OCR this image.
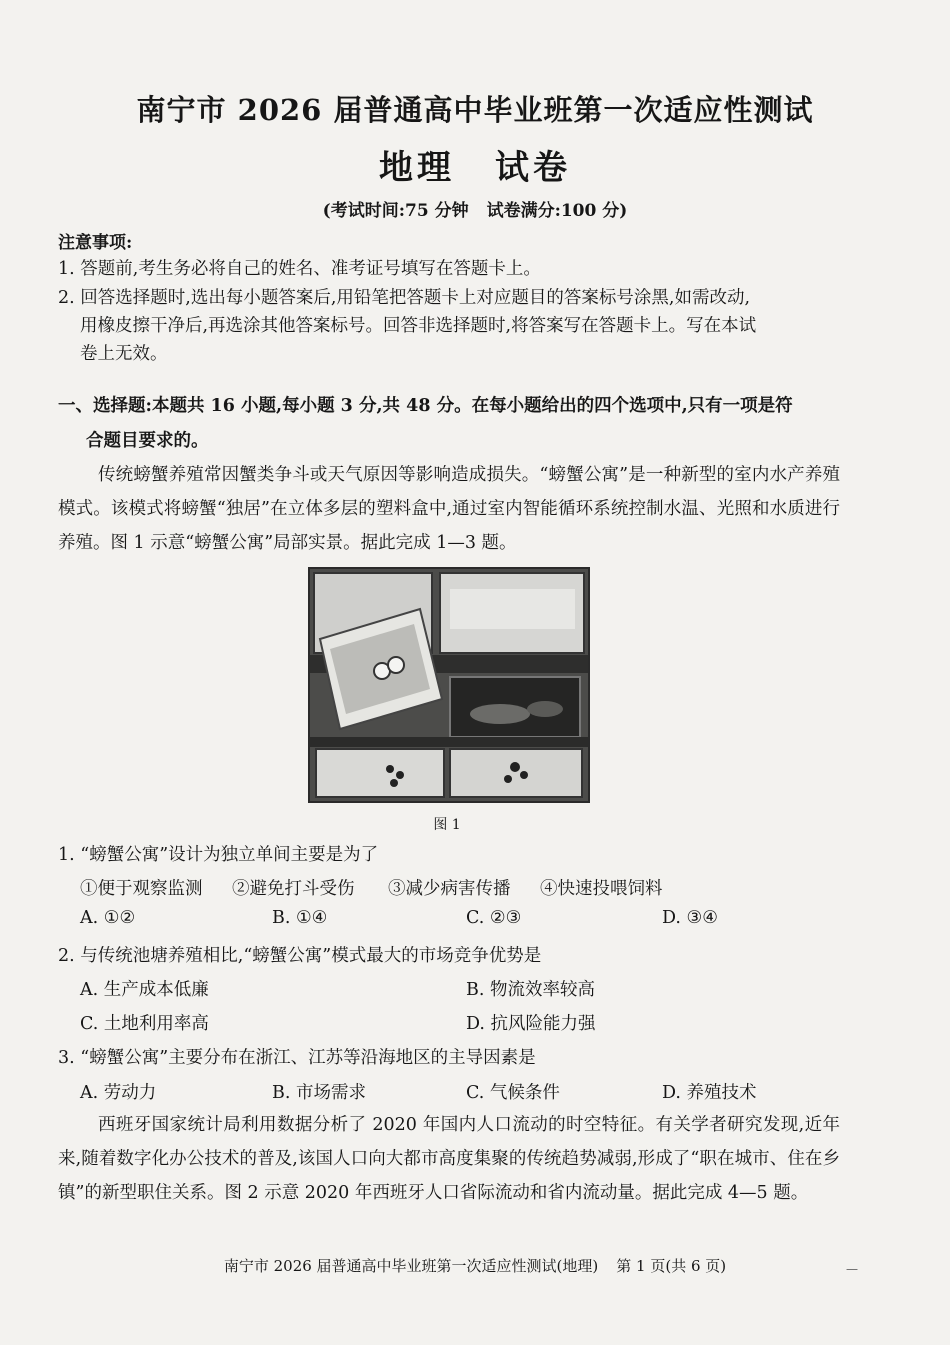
南宁市 2026 届普通高中毕业班第一次适应性测试
地理 试卷
(考试时间:75 分钟 试卷满分:100 分)
注意事项:
1. 答题前,考生务必将自己的姓名、准考证号填写在答题卡上。
2. 回答选择题时,选出每小题答案后,用铅笔把答题卡上对应题目的答案标号涂黑,如需改动,
用橡皮擦干净后,再选涂其他答案标号。回答非选择题时,将答案写在答题卡上。写在本试
卷上无效。
一、选择题:本题共 16 小题,每小题 3 分,共 48 分。在每小题给出的四个选项中,只有一项是符
合题目要求的。
传统螃蟹养殖常因蟹类争斗或天气原因等影响造成损失。“螃蟹公寓”是一种新型的室内水产养殖模式。该模式将螃蟹“独居”在立体多层的塑料盒中,通过室内智能循环系统控制水温、光照和水质进行养殖。图 1 示意“螃蟹公寓”局部实景。据此完成 1—3 题。
图 1
1. “螃蟹公寓”设计为独立单间主要是为了
①便于观察监测 ②避免打斗受伤 ③减少病害传播 ④快速投喂饲料
A. ①②	B. ①④	C. ②③	D. ③④
2. 与传统池塘养殖相比,“螃蟹公寓”模式最大的市场竞争优势是
A. 生产成本低廉	B. 物流效率较高
C. 土地利用率高	D. 抗风险能力强
3. “螃蟹公寓”主要分布在浙江、江苏等沿海地区的主导因素是
A. 劳动力	B. 市场需求	C. 气候条件	D. 养殖技术
西班牙国家统计局利用数据分析了 2020 年国内人口流动的时空特征。有关学者研究发现,近年来,随着数字化办公技术的普及,该国人口向大都市高度集聚的传统趋势减弱,形成了“职在城市、住在乡镇”的新型职住关系。图 2 示意 2020 年西班牙人口省际流动和省内流动量。据此完成 4—5 题。
南宁市 2026 届普通高中毕业班第一次适应性测试(地理) 第 1 页(共 6 页)	—
